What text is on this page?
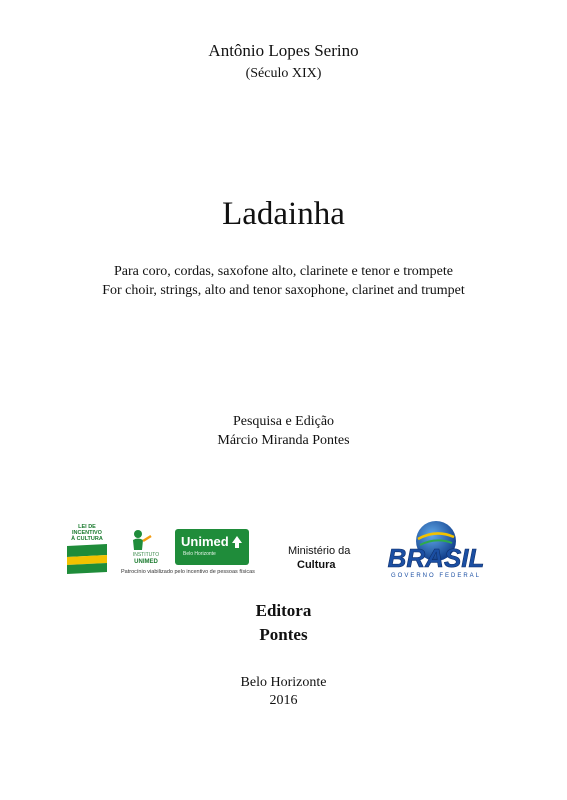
Antônio Lopes Serino
(Século XIX)
Ladainha
Para coro, cordas, saxofone alto, clarinete e tenor e trompete
For choir, strings, alto and tenor saxophone, clarinet and trumpet
Pesquisa e Edição
Márcio Miranda Pontes
LEI DE
INCENTIVO
À CULTURA
INSTITUTO
UNIMED
Unimed
Belo Horizonte
Patrocínio viabilizado pelo incentivo de pessoas físicas
Ministério da
Cultura BRASIL
GOVERNO FEDERAL
Editora
Pontes
Belo Horizonte
2016
